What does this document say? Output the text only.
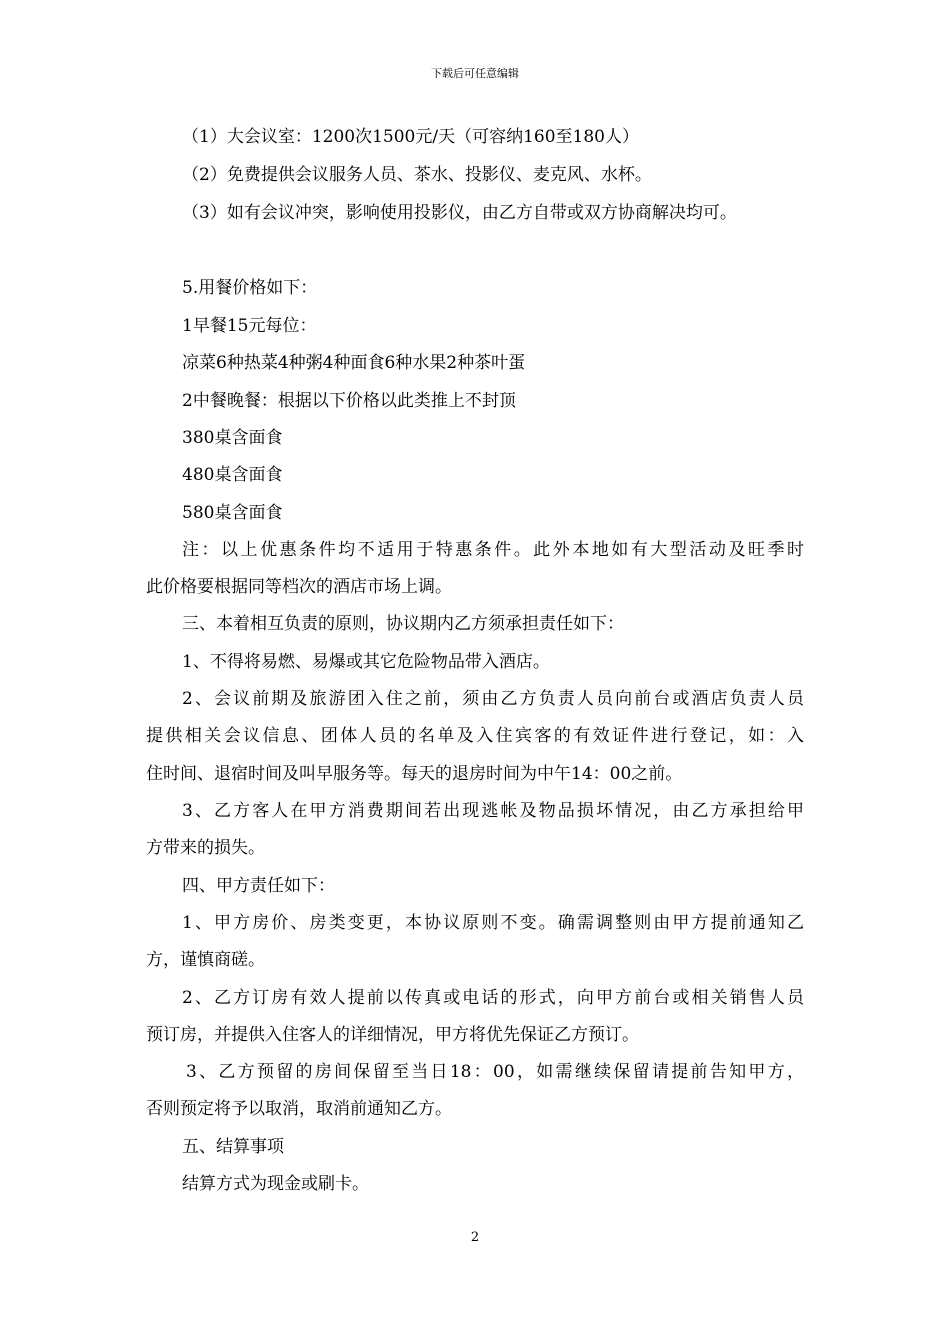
下载后可任意编辑
（1）大会议室：1200次1500元/天（可容纳160至180人）
（2）免费提供会议服务人员、茶水、投影仪、麦克风、水杯。
（3）如有会议冲突，影响使用投影仪，由乙方自带或双方协商解决均可。
5.用餐价格如下：
1早餐15元每位：
凉菜6种热菜4种粥4种面食6种水果2种茶叶蛋
2中餐晚餐：根据以下价格以此类推上不封顶
380桌含面食
480桌含面食
580桌含面食
注：以上优惠条件均不适用于特惠条件。此外本地如有大型活动及旺季时
此价格要根据同等档次的酒店市场上调。
三、本着相互负责的原则，协议期内乙方须承担责任如下：
1、不得将易燃、易爆或其它危险物品带入酒店。
2、会议前期及旅游团入住之前，须由乙方负责人员向前台或酒店负责人员
提供相关会议信息、团体人员的名单及入住宾客的有效证件进行登记，如：入
住时间、退宿时间及叫早服务等。每天的退房时间为中午14：00之前。
3、乙方客人在甲方消费期间若出现逃帐及物品损坏情况，由乙方承担给甲
方带来的损失。
四、甲方责任如下：
1、甲方房价、房类变更，本协议原则不变。确需调整则由甲方提前通知乙
方，谨慎商磋。
2、乙方订房有效人提前以传真或电话的形式，向甲方前台或相关销售人员
预订房，并提供入住客人的详细情况，甲方将优先保证乙方预订。
3、乙方预留的房间保留至当日18：00，如需继续保留请提前告知甲方，
否则预定将予以取消，取消前通知乙方。
五、结算事项
结算方式为现金或刷卡。
2
